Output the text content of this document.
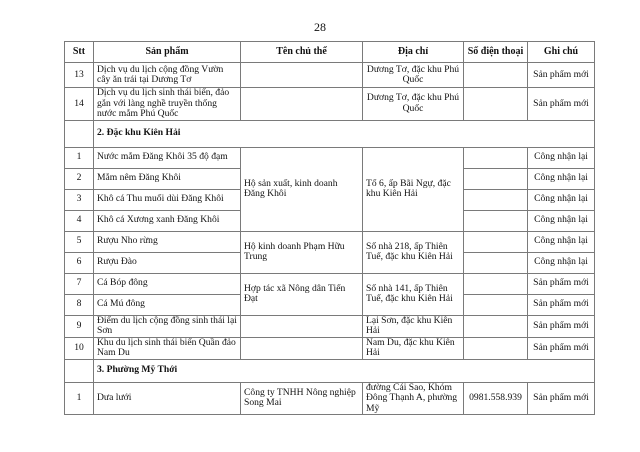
28
Stt	Sản phẩm	Tên chủ thể	Địa chỉ	Số điện thoại	Ghi chú
13	Dịch vụ du lịch cộng đồng Vườn cây ăn trái tại Dương Tơ		Dương Tơ, đặc khu Phú Quốc		Sản phẩm mới
14	Dịch vụ du lịch sinh thái biển, đảo gắn với làng nghề truyền thống nước mắm Phú Quốc		Dương Tơ, đặc khu Phú Quốc		Sản phẩm mới
	2. Đặc khu Kiên Hải				
1	Nước mắm Đăng Khôi 35 độ đạm	Hộ sản xuất, kinh doanh Đăng Khôi	Tổ 6, ấp Bãi Ngự, đặc khu Kiên Hải		Công nhận lại
2	Mắm nêm Đăng Khôi				Công nhận lại
3	Khô cá Thu muối dùi Đăng Khôi				Công nhận lại
4	Khô cá Xương xanh Đăng Khôi				Công nhận lại
5	Rượu Nho rừng	Hộ kinh doanh Phạm Hữu Trung	Số nhà 218, ấp Thiên Tuế, đặc khu Kiên Hải		Công nhận lại
6	Rượu Đào				Công nhận lại
7	Cá Bóp đông	Hợp tác xã Nông dân Tiến Đạt	Số nhà 141, ấp Thiên Tuế, đặc khu Kiên Hải		Sản phẩm mới
8	Cá Mú đông				Sản phẩm mới
9	Điểm du lịch cộng đồng sinh thái lại Sơn		Lại Sơn, đặc khu Kiên Hải		Sản phẩm mới
10	Khu du lịch sinh thái biển Quần đảo Nam Du		Nam Du, đặc khu Kiên Hải		Sản phẩm mới
	3. Phường Mỹ Thới				
1	Dưa lưới	Công ty TNHH Nông nghiệp Song Mai	đường Cái Sao, Khóm Đông Thạnh A, phường Mỹ	0981.558.939	Sản phẩm mới
